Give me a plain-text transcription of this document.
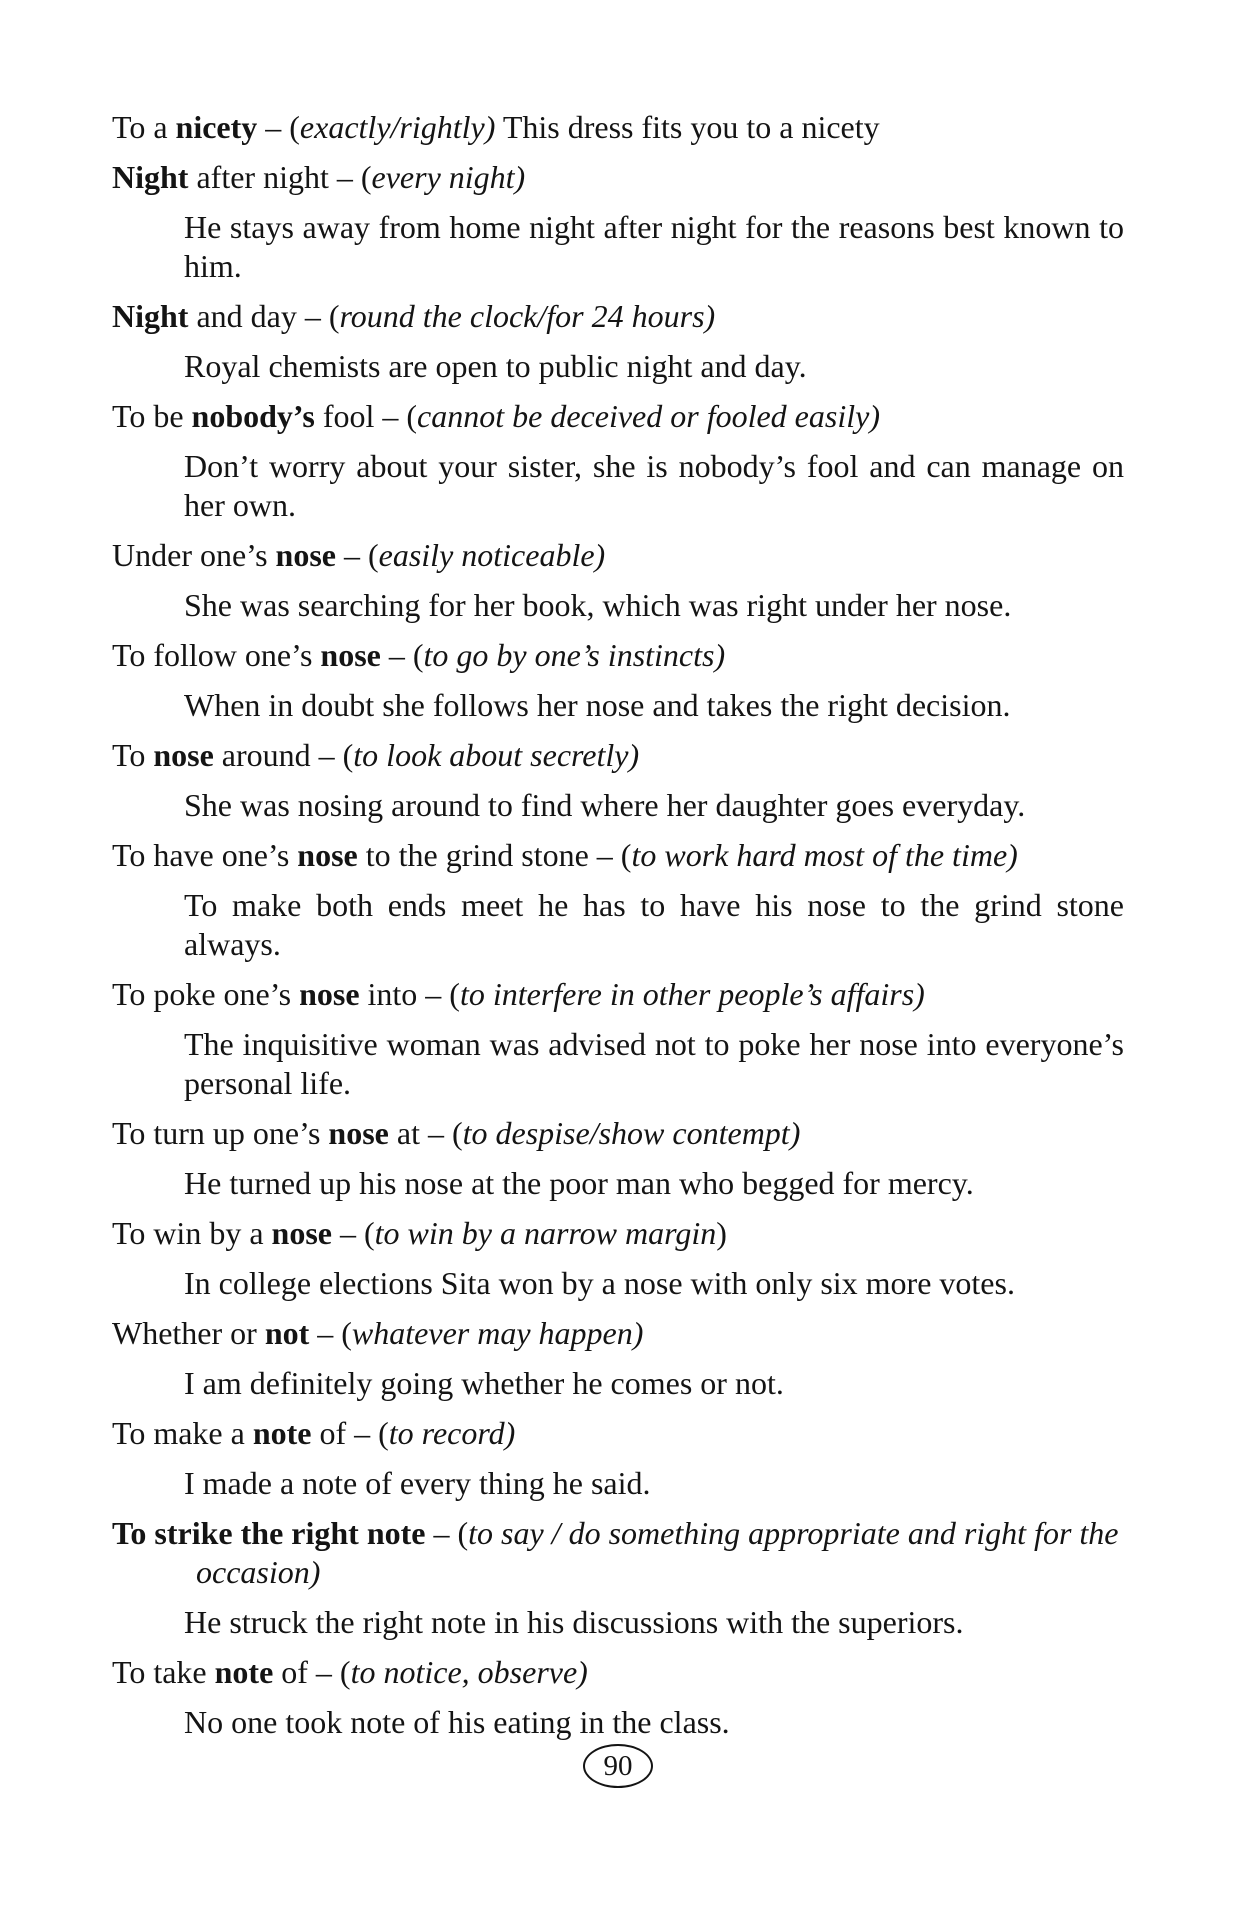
To a nicety – (exactly/rightly) This dress fits you to a nicety
Night after night – (every night)
He stays away from home night after night for the reasons best known to him.
Night and day – (round the clock/for 24 hours)
Royal chemists are open to public night and day.
To be nobody’s fool – (cannot be deceived or fooled easily)
Don’t worry about your sister, she is nobody’s fool and can manage on her own.
Under one’s nose – (easily noticeable)
She was searching for her book, which was right under her nose.
To follow one’s nose – (to go by one’s instincts)
When in doubt she follows her nose and takes the right decision.
To nose around – (to look about secretly)
She was nosing around to find where her daughter goes everyday.
To have one’s nose to the grind stone – (to work hard most of the time)
To make both ends meet he has to have his nose to the grind stone always.
To poke one’s nose into – (to interfere in other people’s affairs)
The inquisitive woman was advised not to poke her nose into everyone’s personal life.
To turn up one’s nose at – (to despise/show contempt)
He turned up his nose at the poor man who begged for mercy.
To win by a nose – (to win by a narrow margin)
In college elections Sita won by a nose with only six more votes.
Whether or not – (whatever may happen)
I am definitely going whether he comes or not.
To make a note of – (to record)
I made a note of every thing he said.
To strike the right note – (to say / do something appropriate and right for the occasion)
He struck the right note in his discussions with the superiors.
To take note of – (to notice, observe)
No one took note of his eating in the class.
90
